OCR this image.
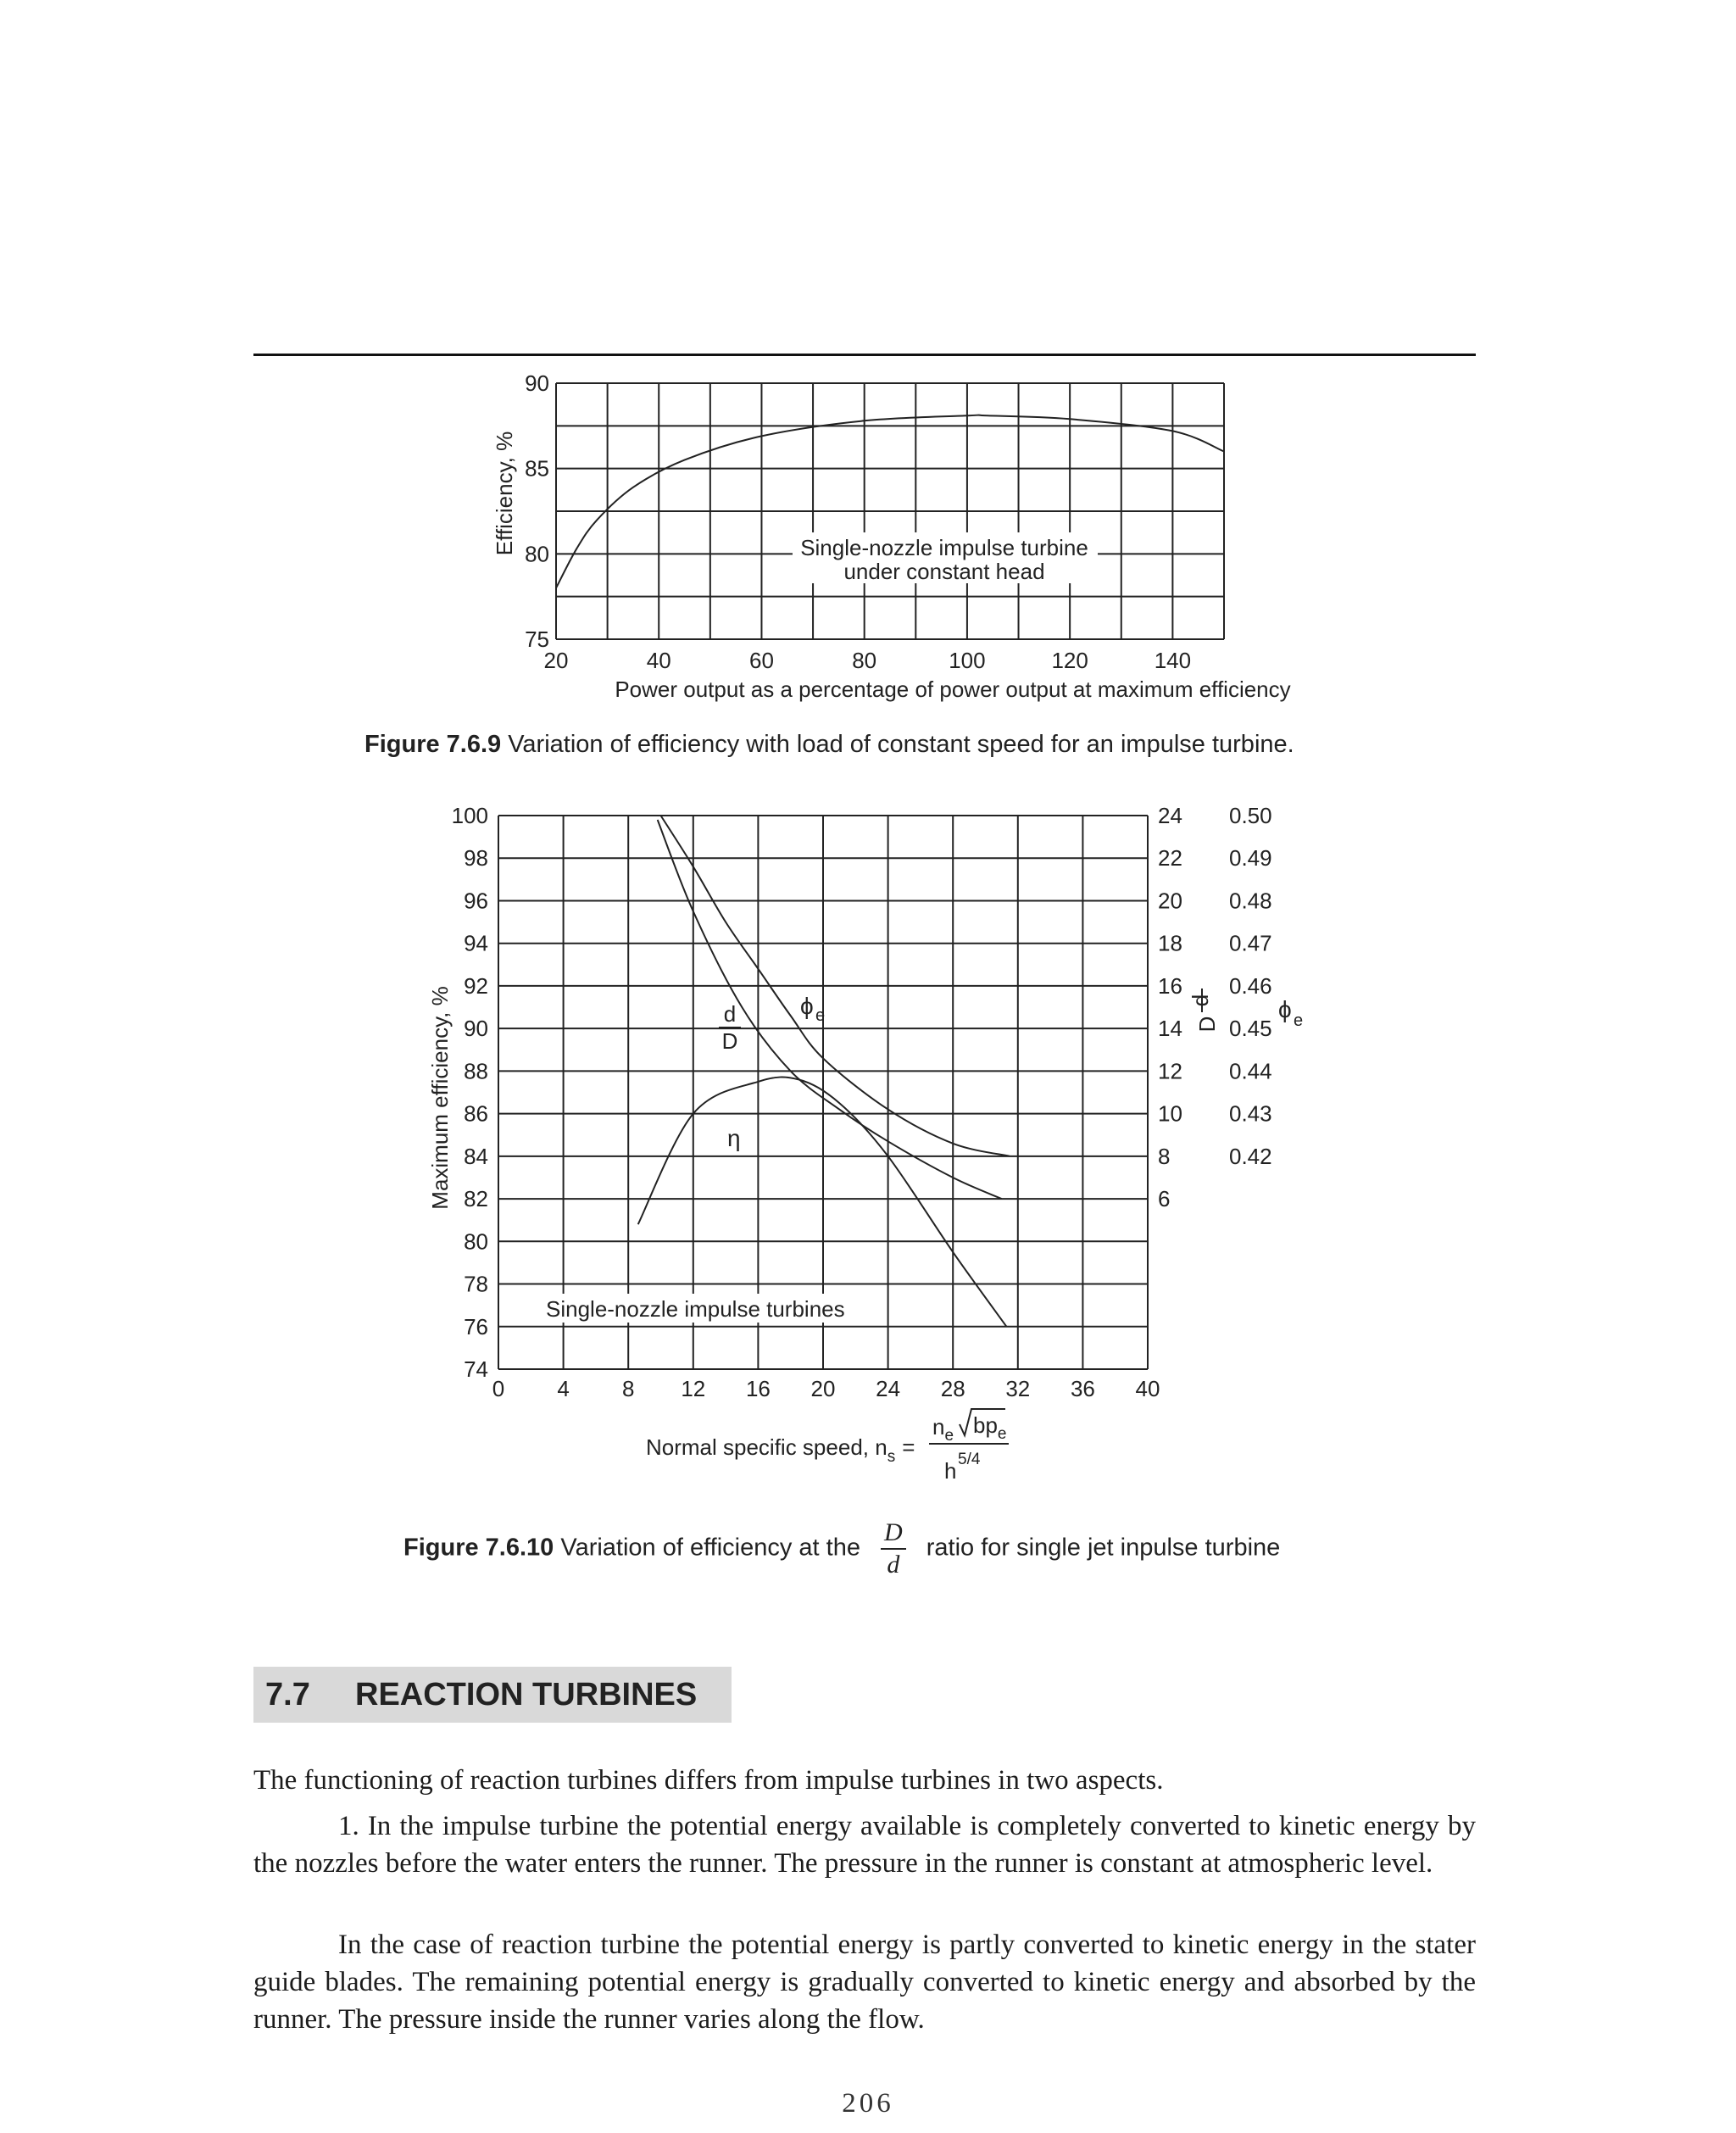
75
80
85
90
20	40	60	80	100	120	140
Efficiency, %
Power output as a percentage of power output at maximum efficiency
Single-nozzle impulse turbine
under constant head
74
76
78
80
82
84
86
88
90
92
94
96
98
100
0 4 8 12 16 20 24 28 32 36 40
6
8
10
12
14
16
18
20
22
24
0.42
0.43
0.44
0.45
0.46
0.47
0.48
0.49
0.50
Maximum efficiency, %	d
D
ϕ e
d
D
ϕ e
η
Single-nozzle impulse turbines
Normal specific speed, $n_s$ =
$n_e$ $bp_e$
5/4
h
Figure 7.6.9 Variation of efficiency with load of constant speed for an impulse turbine.
Figure 7.6.10 Variation of efficiency at the $\frac{D}{d}$ ratio for single jet inpulse turbine
7.7 REACTION TURBINES
The functioning of reaction turbines differs from impulse turbines in two aspects.
1. In the impulse turbine the potential energy available is completely converted to kinetic energy by the nozzles before the water enters the runner. The pressure in the runner is constant at atmospheric level.
In the case of reaction turbine the potential energy is partly converted to kinetic energy in the stater guide blades. The remaining potential energy is gradually converted to kinetic energy and absorbed by the runner. The pressure inside the runner varies along the flow.
206
